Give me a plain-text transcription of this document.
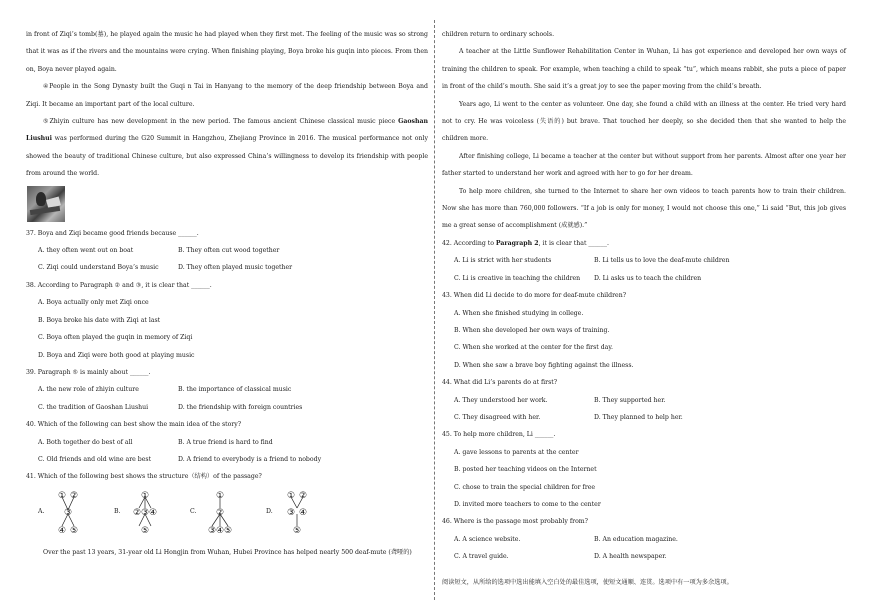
in front of Ziqi’s tomb(墓), he played again the music he had played when they first met. The feeling of the music was so strong that it was as if the rivers and the mountains were crying. When finishing playing, Boya broke his guqin into pieces. From then on, Boya never played again.

④People in the Song Dynasty built the Guqi n Tai in Hanyang to the memory of the deep friendship between Boya and Ziqi. It became an important part of the local culture.

⑤Zhiyin culture has new development in the new period. The famous ancient Chinese classical music piece Gaoshan Liushui was performed during the G20 Summit in Hangzhou, Zhejiang Province in 2016. The musical performance not only showed the beauty of traditional Chinese culture, but also expressed China’s willingness to develop its friendship with people from around the world.

37. Boya and Ziqi became good friends because ______.

A. they often went out on boat	B. They often cut wood together
C. Ziqi could understand Boya’s music	D. They often played music together

38. According to Paragraph ② and ③, it is clear that ______.

A. Boya actually only met Ziqi once
B. Boya broke his date with Ziqi at last
C. Boya often played the guqin in memory of Ziqi
D. Boya and Ziqi were both good at playing music

39. Paragraph ⑤ is mainly about ______.

A. the new role of zhiyin culture	B. the importance of classical music
C. the tradition of Gaoshan Liushui	D. the friendship with foreign countries

40. Which of the following can best show the main idea of the story?

A. Both together do best of all	B. A true friend is hard to find
C. Old friends and old wine are best	D. A friend to everybody is a friend to nobody

41. Which of the following best shows the structure（结构）of the passage?

A.
① ②
③
④ ⑤
B.
①
② ③ ④
⑤
C.
①
②
③ ④ ⑤
D.
① ②
③ ④
⑤

Over the past 13 years, 31-year old Li Hongjin from Wuhan, Hubei Province has helped nearly 500 deaf-mute (聋哑的)

children return to ordinary schools.

A teacher at the Little Sunflower Rehabilitation Center in Wuhan, Li has got experience and developed her own ways of training the children to speak. For example, when teaching a child to speak “tu”, which means rabbit, she puts a piece of paper in front of the child’s mouth. She said it’s a great joy to see the paper moving from the child’s breath.

Years ago, Li went to the center as volunteer. One day, she found a child with an illness at the center. He tried very hard not to cry. He was voiceless (失语的) but brave. That touched her deeply, so she decided then that she wanted to help the children more.

After finishing college, Li became a teacher at the center but without support from her parents. Almost after one year her father started to understand her work and agreed with her to go for her dream.

To help more children, she turned to the Internet to share her own videos to teach parents how to train their children. Now she has more than 760,000 followers. “If a job is only for money, I would not choose this one,” Li said “But, this job gives me a great sense of accomplishment (成就感).”

42. According to Paragraph 2, it is clear that ______.

A. Li is strict with her students	B. Li tells us to love the deaf-mute children
C. Li is creative in teaching the children	D. Li asks us to teach the children

43. When did Li decide to do more for deaf-mute children?

A. When she finished studying in college.
B. When she developed her own ways of training.
C. When she worked at the center for the first day.
D. When she saw a brave boy fighting against the illness.

44. What did Li’s parents do at first?

A. They understood her work.	B. They supported her.
C. They disagreed with her.	D. They planned to help her.

45. To help more children, Li ______.

A. gave lessons to parents at the center
B. posted her teaching videos on the Internet
C. chose to train the special children for free
D. invited more teachers to come to the center

46. Where is the passage most probably from?

A. A science website.	B. An education magazine.
C. A travel guide.	D. A health newspaper.

阅读短文，从所给的选项中选出能填入空白处的最佳选项，使短文通顺、连贯。选项中有一项为多余选项。
